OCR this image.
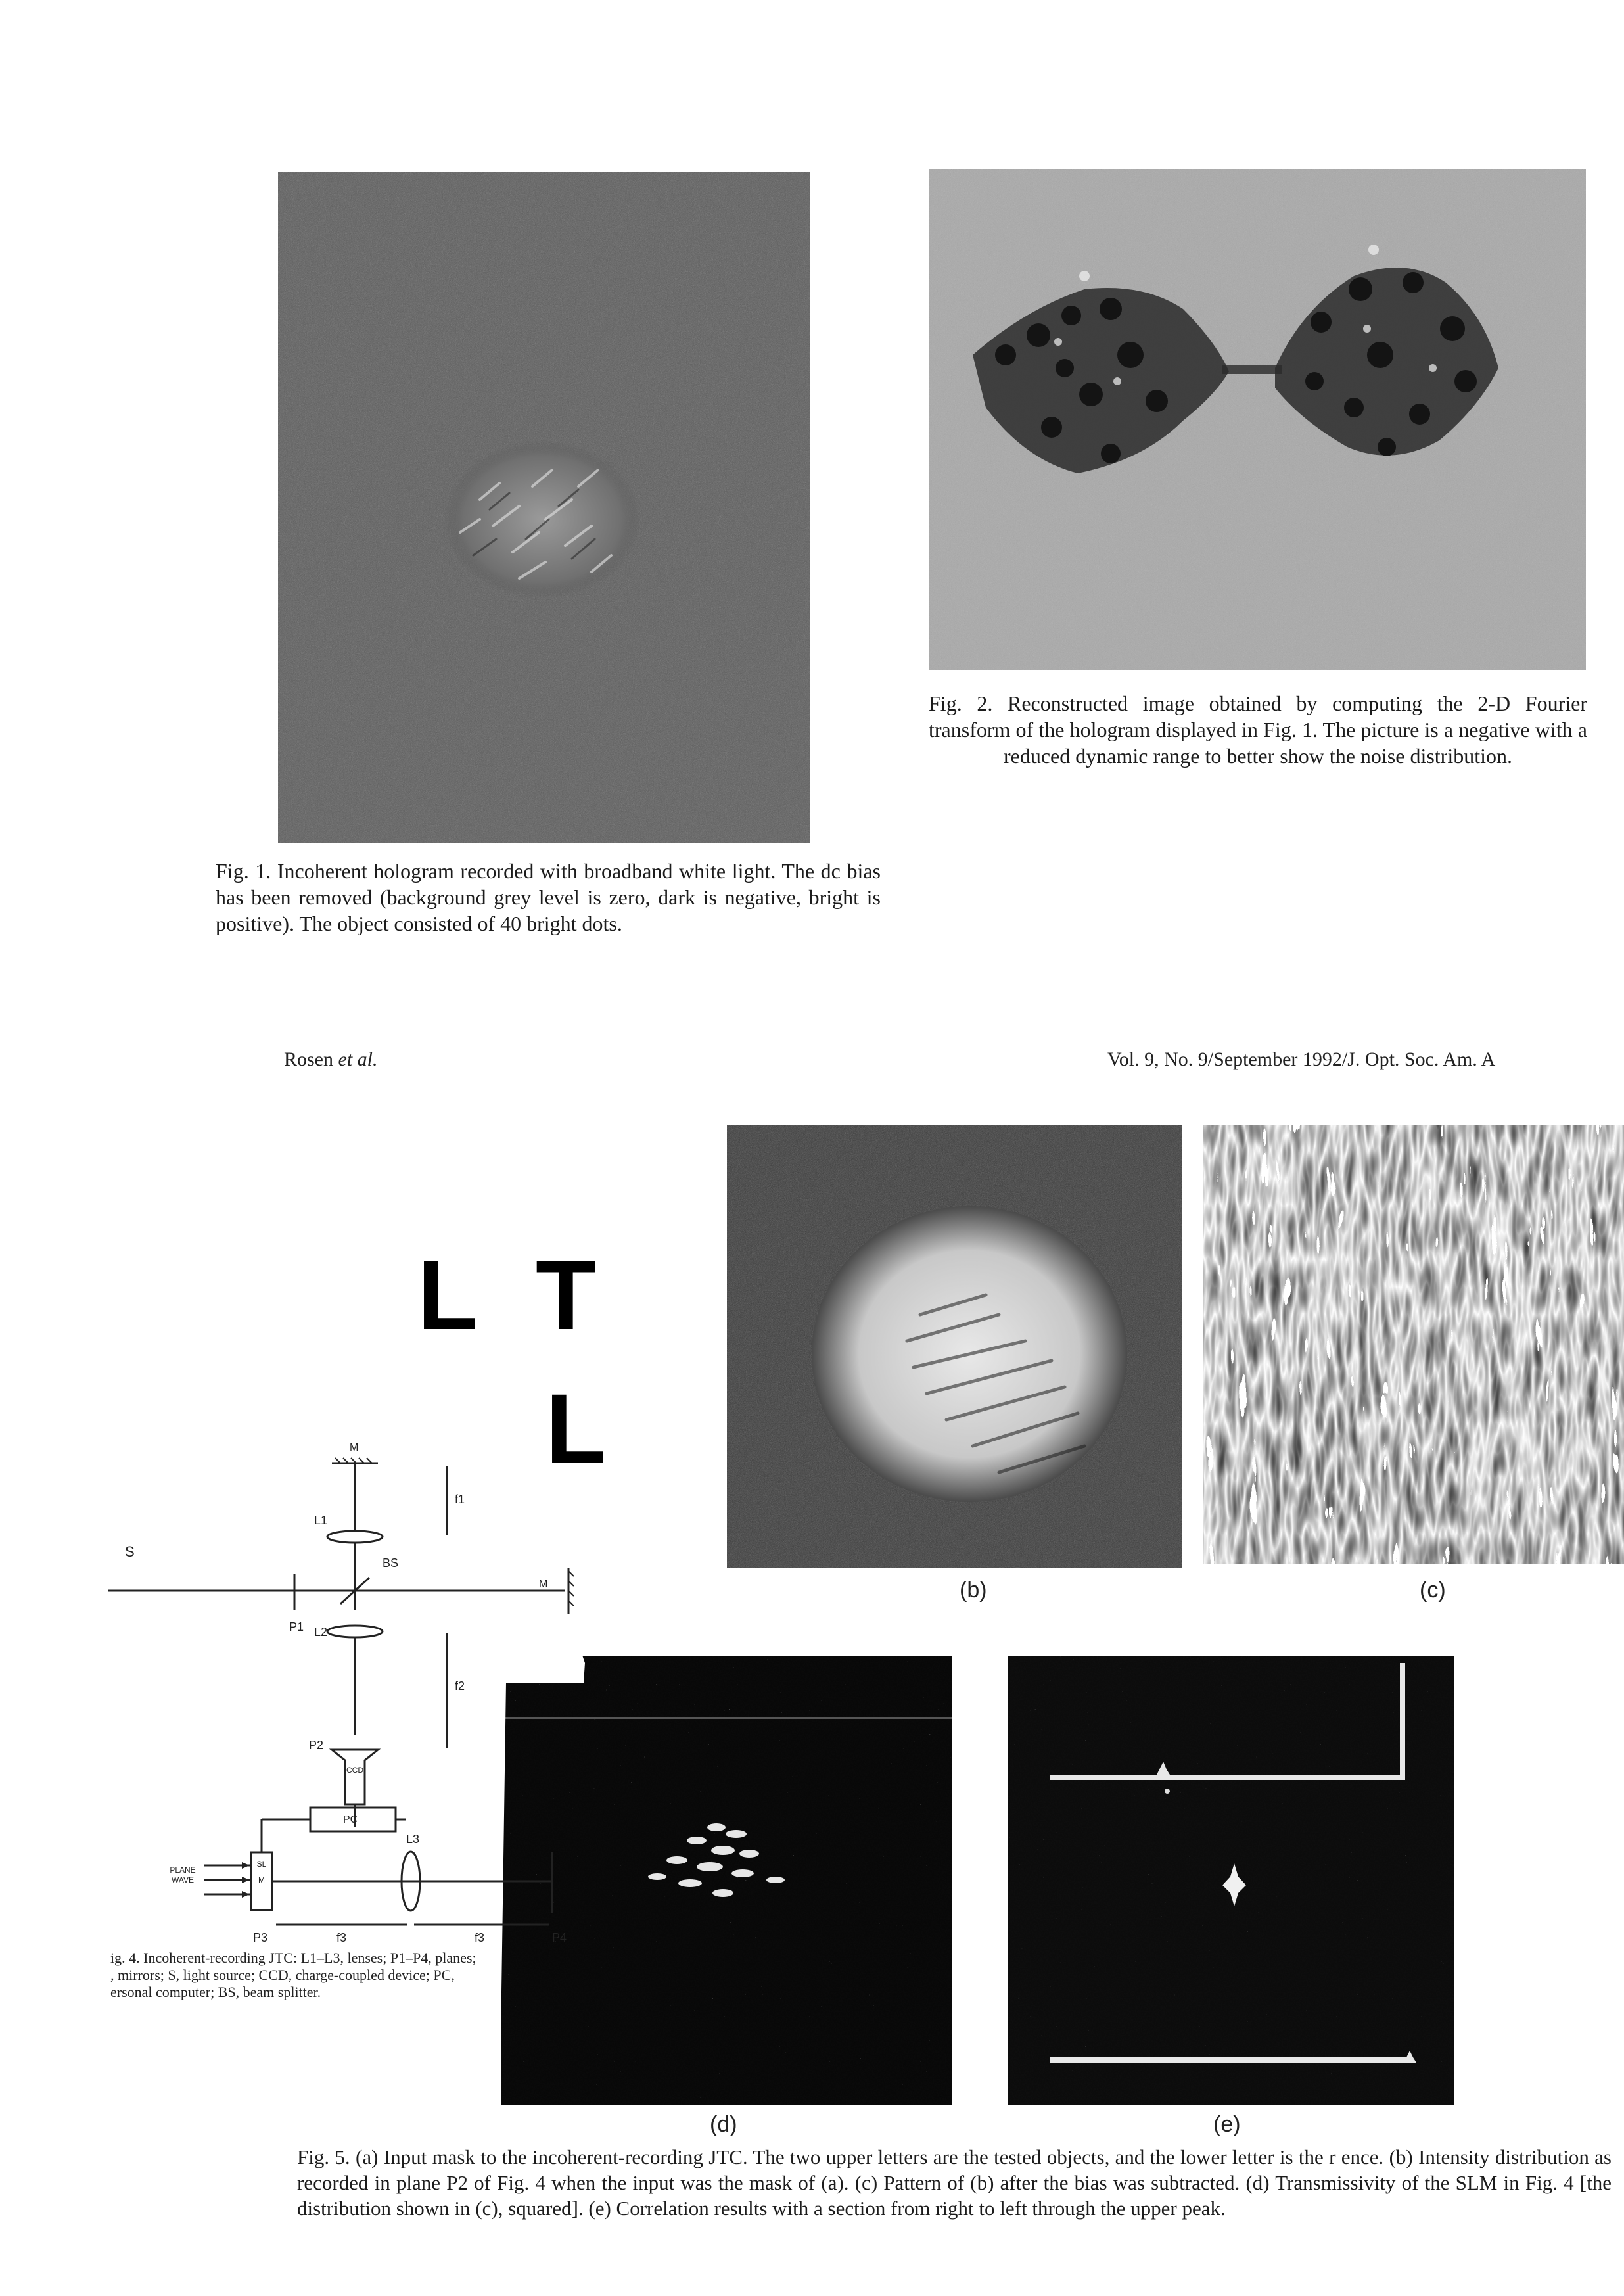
Fig. 1. Incoherent hologram recorded with broadband white light. The dc bias has been removed (background grey level is zero, dark is negative, bright is positive). The object consisted of 40 bright dots.
Fig. 2. Reconstructed image obtained by computing the 2-D Fourier transform of the hologram displayed in Fig. 1. The picture is a negative with a reduced dynamic range to better show the noise distribution.
Rosen et al.	Vol. 9, No. 9/September 1992/J. Opt. Soc. Am. A
L T
L
(b)	(c)
(d)	(e)
M
L1
f1
BS
M
P1 L2
f2
P2
CCD
PC
L3
PLANE WAVE
SLM
f3	f3
P3	P4
S
ig. 4. Incoherent-recording JTC: L1–L3, lenses; P1–P4, planes;
, mirrors; S, light source; CCD, charge-coupled device; PC,
ersonal computer; BS, beam splitter.
Fig. 5. (a) Input mask to the incoherent-recording JTC. The two upper letters are the tested objects, and the lower letter is the r ence. (b) Intensity distribution as recorded in plane P2 of Fig. 4 when the input was the mask of (a). (c) Pattern of (b) after the bias was subtracted. (d) Transmissivity of the SLM in Fig. 4 [the distribution shown in (c), squared]. (e) Correlation results with a section from right to left through the upper peak.
